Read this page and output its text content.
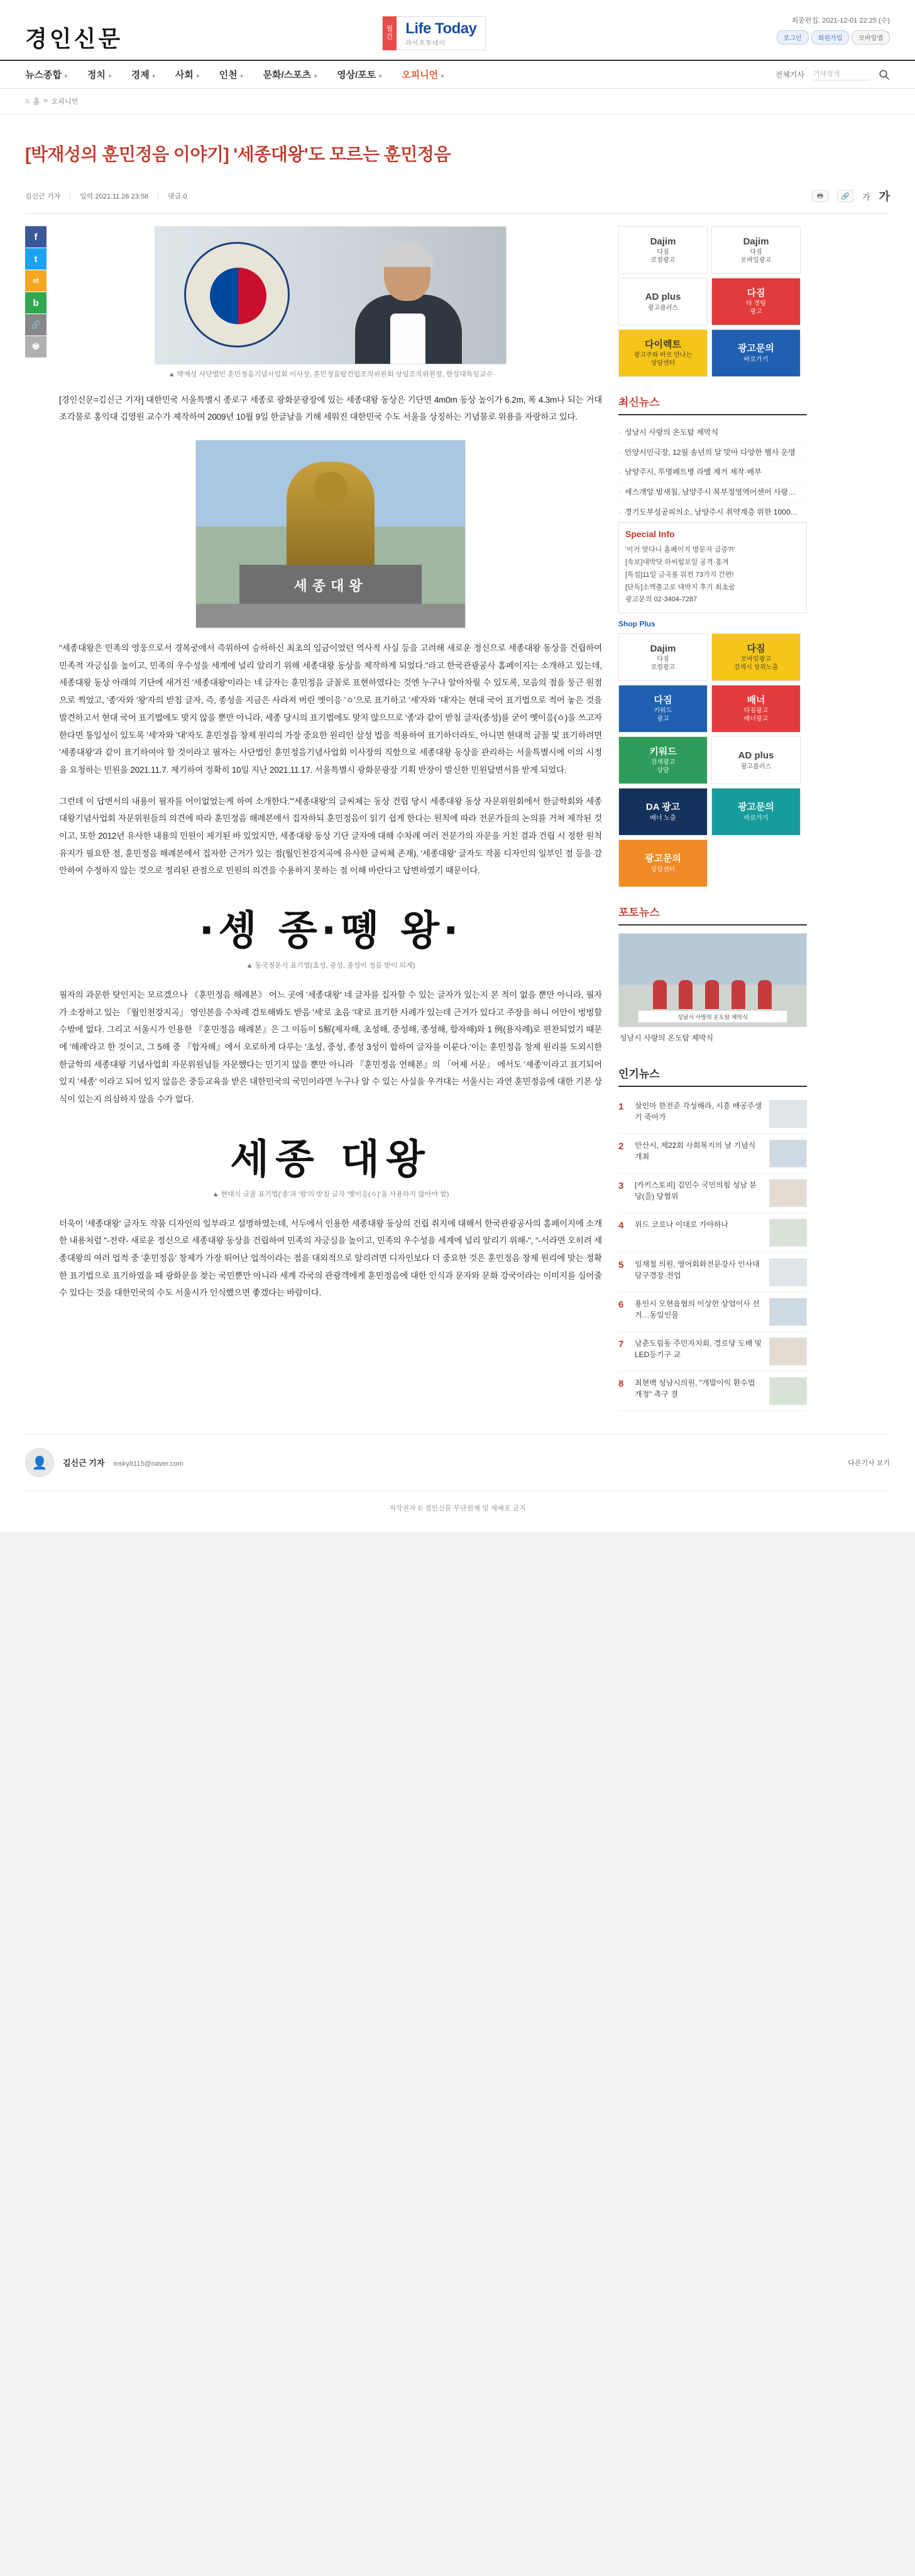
경인신문	월
간
Life Today
라이프투데이
최종편집. 2021-12-01 22:25 (수)
로그인	회원가입	모바일앱
뉴스종합 ▼ 정치 ▼ 경제 ▼ 사회 ▼ 인천 ▼ 문화/스포츠 ▼ 영상/포토 ▼ 오피니언 ▼	전체기사 기사검색
⌂ 홈 > 오피니언
[박재성의 훈민정음 이야기] '세종대왕'도 모르는 훈민정음
김신근 기자 | 입력 2021.11.26 23:58 | 댓글 0	🖶	🔗	가 가
f
t
st
b
🔗
🖶
▲ 박재성 사단법인 훈민정음기념사업회 이사장, 훈민정음탑건립조직위원회 상임조직위원장, 한성대특임교수

[경인신문=김신근 기자] 대한민국 서울특별시 종로구 세종로 광화문광장에 있는 세종대왕 동상은 기단면 4m0m 동상 높이가 6.2m, 폭 4.3m나 되는 거대 조각물로 홍익대 김영원 교수가 제작하여 2009년 10월 9일 한글날을 기해 세워진 대한민국 수도 서울을 상징하는 기념물로 위용을 자랑하고 있다.

세종대왕

"세종대왕은 민족의 영웅으로서 경복궁에서 즉위하여 승하하신 최초의 임금이었던 역사적 사실 등을 고려해 새로운 정신으로 세종대왕 동상을 건립하여 민족적 자긍심을 높이고, 민족의 우수성을 세계에 널리 알리기 위해 세종대왕 동상을 제작하게 되었다."라고 한국관광공사 홈페이지는 소개하고 있는데, 세종대왕 동상 아래의 기단에 새겨진 '세종대왕'이라는 네 글자는 훈민정음 글꼴로 표현하였다는 것엔 누구나 알아차릴 수 있도록, 모음의 점을 둥근 원점으로 찍었고, '종'자와 '왕'자의 받침 글자, 즉, 종성을 지금은 사라져 버린 옛이응 'ㆁ'으로 표기하고 '세'자와 '대'자는 현대 국어 표기법으로 적어 놓은 것을 발견하고서 현대 국어 표기법에도 맞지 않을 뿐만 아니라, 세종 당시의 표기법에도 맞지 않으므로 '종'과 같이 받침 글자(종성)를 굳이 옛이응(ㆁ)을 쓰고자 한다면 통일성이 있도록 '세'자와 '대'자도 훈민정음 창제 원리의 가장 중요한 원리인 삼성 법을 적용하여 표기하더라도, 아니면 현대적 글꼴 및 표기하려면 '세종대왕'과 같이 표기하여야 할 것이라고 필자는 사단법인 훈민정음기념사업회 이사장의 직함으로 세종대왕 동상을 관리하는 서울특별시에 이의 시정을 요청하는 민원을 2021.11.7. 제기하여 정확히 10일 지난 2021.11.17. 서울특별시 광화문광장 기획 반장이 발신한 민원답변서를 받게 되었다.

그런데 이 답변서의 내용이 필자를 어이없었는게 하여 소개한다."'세종대왕'의 글씨체는 동상 건립 당시 세종대왕 동상 자문위원회에서 한글학회와 세종대왕기념사업회 자문위원들의 의견에 따라 훈민정음 해례본에서 집자하되 훈민정음이 읽기 쉽게 한다는 원칙에 따라 전문가들의 논의를 거쳐 제작된 것이고, 또한 2012년 유사한 내용의 민원이 제기된 바 있었지만, 세종대왕 동상 기단 글자에 대해 수차례 여러 전문가의 자문을 거친 결과 건립 시 정한 원칙 유지가 필요한 점, 훈민정음 해례본에서 집자한 근거가 있는 점(월인천강지곡에 유사한 글씨체 존재), '세종대왕' 글자도 작품 디자인의 일부인 점 등을 감안하여 수정하지 않는 것으로 정리된 관점으로 민원의 의견을 수용하지 못하는 점 이해 바란다고 답변하였기 때문이다.

·솅 종·똉 왕·
▲ 동국정운식 표기법(초성, 중성, 종성이 정음 받이 되게)

필자의 과문한 탓인지는 모르겠으나 《훈민정음 해례본》 어느 곳에 '세종대왕' 네 글자를 집자할 수 있는 글자가 있는지 본 적이 없을 뿐만 아니라, 필자가 소장하고 있는 『월인천강지곡』 영인본을 수차례 검토해봐도 받음 '세'로 초음 '대'로 표기한 사례가 있는데 근거가 있다고 주장을 하니 어안이 벙벙할 수밖에 없다. 그리고 서울시가 인용한 『훈민정음 해례본』은 그 이듬이 5解(제자해, 초성해, 중성해, 종성해, 합자해)와 1 例(용자례)로 편찬되었기 때문에 '해례'라고 한 것이고, 그 5해 중 『합자해』에서 오로하게 다루는 '초성, 중성, 종성 3성이 합하여 글자를 이룬다.'이는 훈민정음 창제 원리를 도외시한 한글학의 세종대왕 기념사업회 자문위원님들 자문했다는 민기지 않을 뿐만 아니라 『훈민정음 언해본』의 「어제 서문」 에서도 '셰종'이라고 표기되어 있지 '세종' 이라고 되어 있지 않음은 중등교육을 받은 대한민국의 국민이라면 누구나 알 수 있는 사실을 우겨대는 서울시는 과연 훈민정음에 대한 기본 상식이 있는지 의심하지 않을 수가 없다.

세종 대왕
▲ 현대식 글꼴 표기법('종'과 '왕'의 받침 글자 '옛이응(ㆁ)'을 사용하지 않아야 함)

더욱이 '세종대왕' 글자도 작품 디자인의 일부라고 설명하였는데, 서두에서 인용한 세종대왕 동상의 건립 취지에 대해서 한국관광공사의 홈페이지에 소개한 내용처럼 "-전략- 새로운 정신으로 세종대왕 동상을 건립하여 민족의 자긍심을 높이고, 민족의 우수성을 세계에 널리 알리기 위해-", "-서라면 오히려 세종대왕의 여러 업적 중 '훈민정음' 창제가 가장 뛰어난 업적이라는 점을 대외적으로 알리려면 디자인보다 더 중요한 것은 훈민정음 창제 원리에 맞는 정확한 표기법으로 표기하였을 때 광화문을 찾는 국민뿐만 아니라 세계 각국의 관광객에게 훈민정음에 대한 인식과 문자와 문화 강국이라는 이미지를 심어줄 수 있다는 것을 대한민국의 수도 서울시가 인식했으면 좋겠다는 바람이다.

Dajim
다짐
로컬광고
Dajim
다짐
모바일광고
AD plus
광고플러스
다짐
타 겟팅
광고
다이렉트
광고주와 바로 만나는
상담센터
광고문의
바로가기
최신뉴스
· 성남시 사랑의 온도탑 제막식
· 안양시민극장, 12월 송년의 달 맞아 다양한 행사 운영
· 남양주시, 투명페트병 라벨 제거 제작·배부
· 세스개앙 밤새침, 남양주시 복부정영역어센어 사랑…
· 경기도부성공피의소, 남양주시 취약계층 위한 1000…
Special Info
'이거 맞다니 홈페이지 방문자 급증?!'
[속보]대박닷 하씨힘보일 공격·홍겨
[특집]11일 금곡롤 워컨 73가지 간편!
[단독]소액출고로 대박지 후기 최초굴
광고문의 02-3404-7287
Shop Plus
Dajim
다짐
로컬광고
다짐
모바일광고
검색시 상위노출
다짐
키워드
광고
배너
다짐광고
배너광고
키워드
검색광고
상담
AD plus
광고플러스
DA 광고
배너 노출
광고문의
바로가기
광고문의
상담센터
포토뉴스
성남시 사랑의 온도탑 제막식
성남시 사랑의 온도탑 제막식
인기뉴스
1	살인마 한전준 각성해라, 시흥 배공주생기 죽어가
2	안산시, 제22회 사회복지의 날 기념식 개최
3	[카키스토피] 김민수 국민의힘 성남 분당(을) 당협위
4	위드 코로나 이대로 가야하나
5	임재철 의원, 영어회화전문강사 인사대담구경장·전업
6	용인시 모현읍협의 이상한 상업이사 선거…동일인물
7	남춘도림동 주민자치회, 경로당 도배 및 LED등기구 교
8	최현백 성남시의원, "개발이익 환수법 개정" 촉구 결
👤	김신근 기자 insky8115@naver.com	다른기사 보기
저작권자 © 경인신문 무단전재 및 재배포 금지
